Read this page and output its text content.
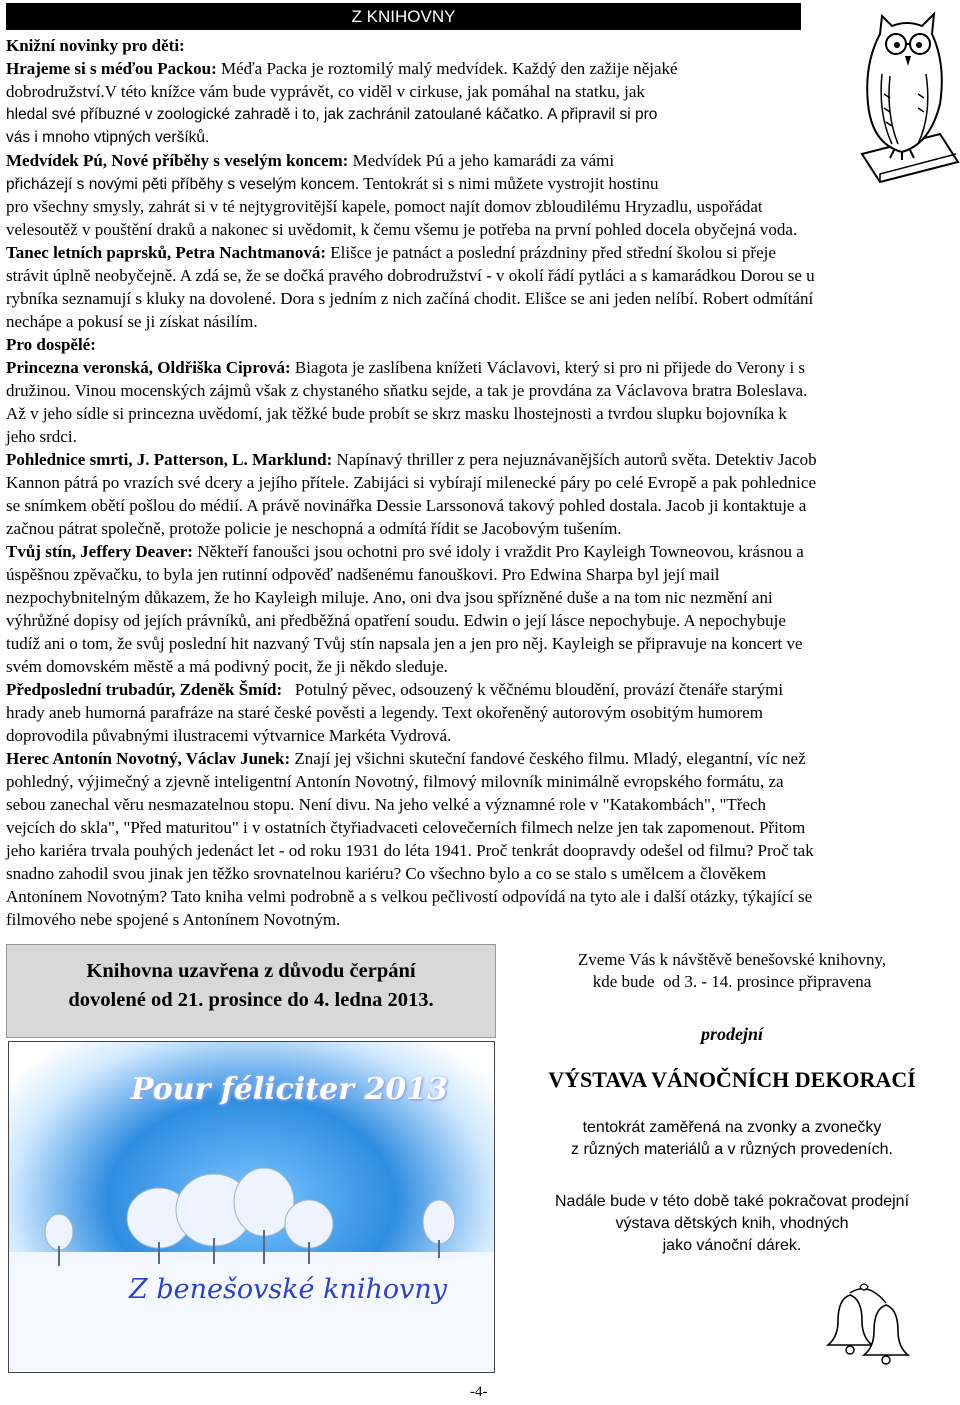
Z KNIHOVNY

Knižní novinky pro děti:

Hrajeme si s méďou Packou: Méďa Packa je roztomilý malý medvídek. Každý den zažije nějaké

dobrodružství.V této knížce vám bude vyprávět, co viděl v cirkuse, jak pomáhal na statku, jak

hledal své příbuzné v zoologické zahradě i to, jak zachránil zatoulané káčatko. A připravil si pro

vás i mnoho vtipných veršíků.

Medvídek Pú, Nové příběhy s veselým koncem: Medvídek Pú a jeho kamarádi za vámi

přicházejí s novými pěti příběhy s veselým koncem. Tentokrát si s nimi můžete vystrojit hostinu

pro všechny smysly, zahrát si v té nejtygrovitější kapele, pomoct najít domov zbloudilému Hryzadlu, uspořádat

velesoutěž v pouštění draků a nakonec si uvědomit, k čemu všemu je potřeba na první pohled docela obyčejná voda.

Tanec letních paprsků, Petra Nachtmanová: Elišce je patnáct a poslední prázdniny před střední školou si přeje

strávit úplně neobyčejně. A zdá se, že se dočká pravého dobrodružství - v okolí řádí pytláci a s kamarádkou Dorou se u

rybníka seznamují s kluky na dovolené. Dora s jedním z nich začíná chodit. Elišce se ani jeden nelíbí. Robert odmítání

nechápe a pokusí se ji získat násilím.

Pro dospělé:

Princezna veronská, Oldřiška Ciprová: Biagota je zaslíbena knížeti Václavovi, který si pro ni přijede do Verony i s

družinou. Vinou mocenských zájmů však z chystaného sňatku sejde, a tak je provdána za Václavova bratra Boleslava.

Až v jeho sídle si princezna uvědomí, jak těžké bude probít se skrz masku lhostejnosti a tvrdou slupku bojovníka k

jeho srdci.

Pohlednice smrti, J. Patterson, L. Marklund: Napínavý thriller z pera nejuznávanějších autorů světa. Detektiv Jacob

Kannon pátrá po vrazích své dcery a jejího přítele. Zabijáci si vybírají milenecké páry po celé Evropě a pak pohlednice

se snímkem obětí pošlou do médií. A právě novinářka Dessie Larssonová takový pohled dostala. Jacob ji kontaktuje a

začnou pátrat společně, protože policie je neschopná a odmítá řídit se Jacobovým tušením.

Tvůj stín, Jeffery Deaver: Někteří fanoušci jsou ochotni pro své idoly i vraždit Pro Kayleigh Towneovou, krásnou a

úspěšnou zpěvačku, to byla jen rutinní odpověď nadšenému fanouškovi. Pro Edwina Sharpa byl její mail

nezpochybnitelným důkazem, že ho Kayleigh miluje. Ano, oni dva jsou spřízněné duše a na tom nic nezmění ani

výhrůžné dopisy od jejích právníků, ani předběžná opatření soudu. Edwin o její lásce nepochybuje. A nepochybuje

tudíž ani o tom, že svůj poslední hit nazvaný Tvůj stín napsala jen a jen pro něj. Kayleigh se připravuje na koncert ve

svém domovském městě a má podivný pocit, že ji někdo sleduje.

Předposlední trubadúr, Zdeněk Šmíd:   Potulný pěvec, odsouzený k věčnému bloudění, provází čtenáře starými

hrady aneb humorná parafráze na staré české pověsti a legendy. Text okořeněný autorovým osobitým humorem

doprovodila půvabnými ilustracemi výtvarnice Markéta Vydrová.

Herec Antonín Novotný, Václav Junek: Znají jej všichni skuteční fandové českého filmu. Mladý, elegantní, víc než

pohledný, výjimečný a zjevně inteligentní Antonín Novotný, filmový milovník minimálně evropského formátu, za

sebou zanechal věru nesmazatelnou stopu. Není divu. Na jeho velké a významné role v "Katakombách", "Třech

vejcích do skla", "Před maturitou" i v ostatních čtyřiadvaceti celovečerních filmech nelze jen tak zapomenout. Přitom

jeho kariéra trvala pouhých jedenáct let - od roku 1931 do léta 1941. Proč tenkrát doopravdy odešel od filmu? Proč tak

snadno zahodil svou jinak jen těžko srovnatelnou kariéru? Co všechno bylo a co se stalo s umělcem a člověkem

Antonínem Novotným? Tato kniha velmi podrobně a s velkou pečlivostí odpovídá na tyto ale i další otázky, týkající se

filmového nebe spojené s Antonínem Novotným.

Knihovna uzavřena z důvodu čerpání
dovolené od 21. prosince do 4. ledna 2013.
Pour féliciter 2013
Z benešovské knihovny
Zveme Vás k návštěvě benešovské knihovny,
kde bude  od 3. - 14. prosince připravena
prodejní
VÝSTAVA VÁNOČNÍCH DEKORACÍ
tentokrát zaměřená na zvonky a zvonečky
z různých materiálů a v různých provedeních.
Nadále bude v této době také pokračovat prodejní
výstava dětských knih, vhodných
jako vánoční dárek.
-4-
